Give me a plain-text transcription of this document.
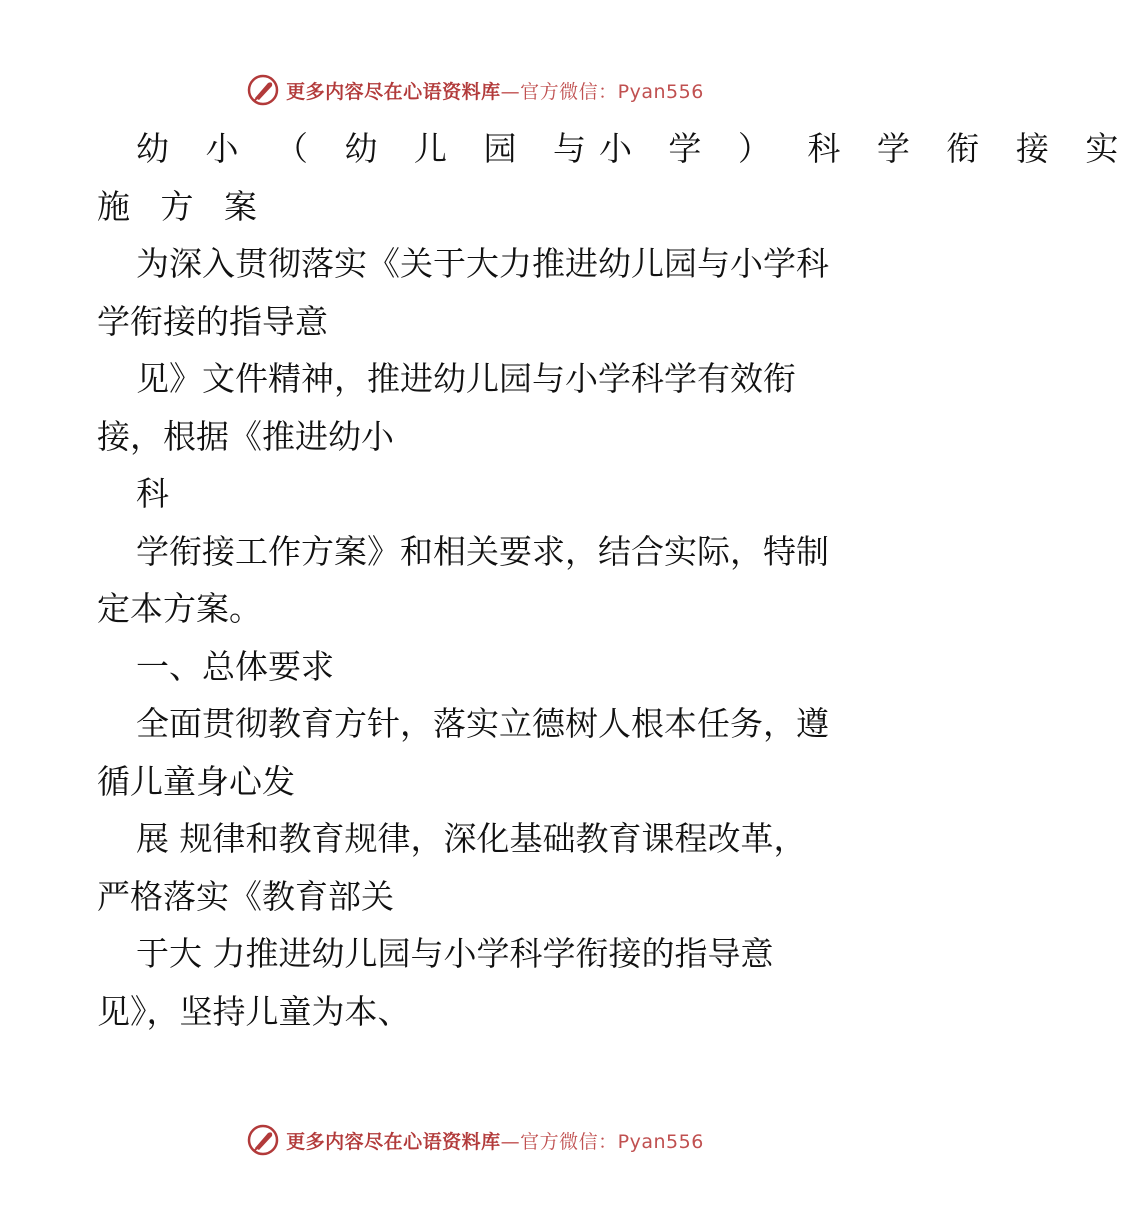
更多内容尽在心语资料库—官方微信：Pyan556
幼 小 （ 幼 儿 园 与小 学 ） 科 学 衔 接 实
施 方 案
为深入贯彻落实《关于大力推进幼儿园与小学科
学衔接的指导意
见》文件精神，推进幼儿园与小学科学有效衔
接，根据《推进幼小
科
学衔接工作方案》和相关要求，结合实际，特制
定本方案。
一、总体要求
全面贯彻教育方针，落实立德树人根本任务，遵
循儿童身心发
展 规律和教育规律，深化基础教育课程改革，
严格落实《教育部关
于大 力推进幼儿园与小学科学衔接的指导意
见》，坚持儿童为本、
更多内容尽在心语资料库—官方微信：Pyan556
